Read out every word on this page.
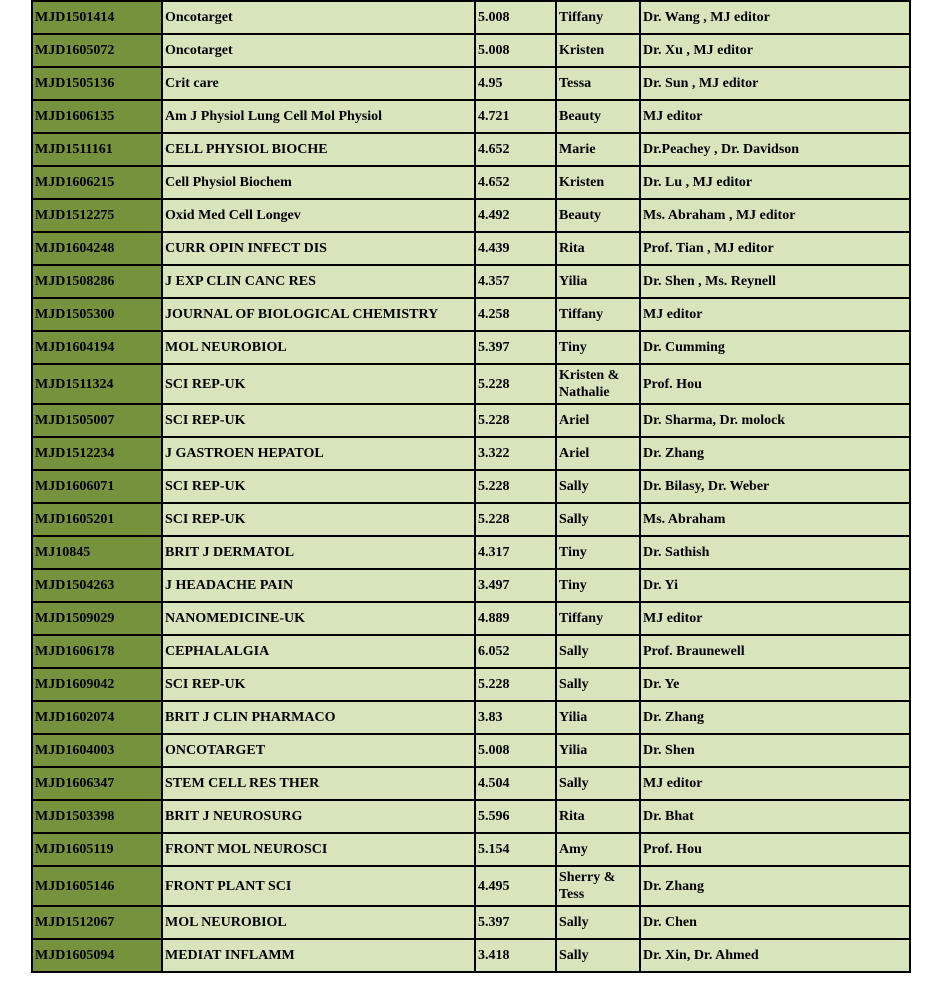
MJD1501414	Oncotarget	5.008	Tiffany	Dr. Wang , MJ editor
MJD1605072	Oncotarget	5.008	Kristen	Dr. Xu , MJ editor
MJD1505136	Crit care	4.95	Tessa	Dr. Sun , MJ editor
MJD1606135	Am J Physiol Lung Cell Mol Physiol	4.721	Beauty	MJ editor
MJD1511161	CELL PHYSIOL BIOCHE	4.652	Marie	Dr.Peachey , Dr. Davidson
MJD1606215	Cell Physiol Biochem	4.652	Kristen	Dr. Lu , MJ editor
MJD1512275	Oxid Med Cell Longev	4.492	Beauty	Ms. Abraham , MJ editor
MJD1604248	CURR OPIN INFECT DIS	4.439	Rita	Prof. Tian , MJ editor
MJD1508286	J EXP CLIN CANC RES	4.357	Yilia	Dr. Shen , Ms. Reynell
MJD1505300	JOURNAL OF BIOLOGICAL CHEMISTRY	4.258	Tiffany	MJ editor
MJD1604194	MOL NEUROBIOL	5.397	Tiny	Dr. Cumming
MJD1511324	SCI REP-UK	5.228	Kristen & Nathalie	Prof. Hou
MJD1505007	SCI REP-UK	5.228	Ariel	Dr. Sharma, Dr. molock
MJD1512234	J GASTROEN HEPATOL	3.322	Ariel	Dr. Zhang
MJD1606071	SCI REP-UK	5.228	Sally	Dr. Bilasy, Dr. Weber
MJD1605201	SCI REP-UK	5.228	Sally	Ms. Abraham
MJ10845	BRIT J DERMATOL	4.317	Tiny	Dr. Sathish
MJD1504263	J HEADACHE PAIN	3.497	Tiny	Dr. Yi
MJD1509029	NANOMEDICINE-UK	4.889	Tiffany	MJ editor
MJD1606178	CEPHALALGIA	6.052	Sally	Prof. Braunewell
MJD1609042	SCI REP-UK	5.228	Sally	Dr. Ye
MJD1602074	BRIT J CLIN PHARMACO	3.83	Yilia	Dr. Zhang
MJD1604003	ONCOTARGET	5.008	Yilia	Dr. Shen
MJD1606347	STEM CELL RES THER	4.504	Sally	MJ editor
MJD1503398	BRIT J NEUROSURG	5.596	Rita	Dr. Bhat
MJD1605119	FRONT MOL NEUROSCI	5.154	Amy	Prof. Hou
MJD1605146	FRONT PLANT SCI	4.495	Sherry & Tess	Dr. Zhang
MJD1512067	MOL NEUROBIOL	5.397	Sally	Dr. Chen
MJD1605094	MEDIAT INFLAMM	3.418	Sally	Dr. Xin, Dr. Ahmed
